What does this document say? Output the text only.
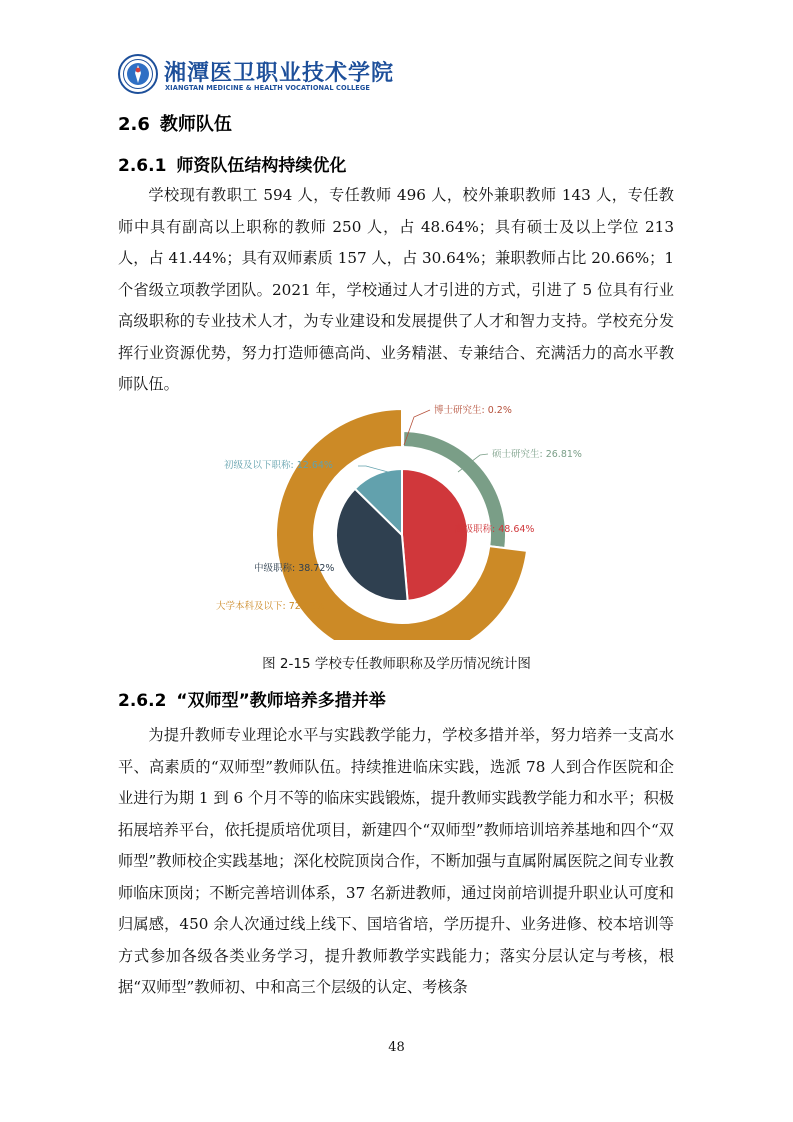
湘潭医卫职业技术学院
XIANGTAN MEDICINE & HEALTH VOCATIONAL COLLEGE
2.6 教师队伍
2.6.1 师资队伍结构持续优化

学校现有教职工 594 人，专任教师 496 人，校外兼职教师 143 人，专任教师中具有副高以上职称的教师 250 人，占 48.64%；具有硕士及以上学位 213 人，占 41.44%；具有双师素质 157 人，占 30.64%；兼职教师占比 20.66%；1 个省级立项教学团队。2021 年，学校通过人才引进的方式，引进了 5 位具有行业高级职称的专业技术人才，为专业建设和发展提供了人才和智力支持。学校充分发挥行业资源优势，努力打造师德高尚、业务精湛、专兼结合、充满活力的高水平教师队伍。

博士研究生: 0.2%
硕士研究生: 26.81%
大学本科及以下: 72.98%
高级职称: 48.64%
中级职称: 38.72%
初级及以下职称: 12.64%
图 2-15 学校专任教师职称及学历情况统计图
2.6.2 “双师型”教师培养多措并举

为提升教师专业理论水平与实践教学能力，学校多措并举，努力培养一支高水平、高素质的“双师型”教师队伍。持续推进临床实践，选派 78 人到合作医院和企业进行为期 1 到 6 个月不等的临床实践锻炼，提升教师实践教学能力和水平；积极拓展培养平台，依托提质培优项目，新建四个“双师型”教师培训培养基地和四个“双师型”教师校企实践基地；深化校院顶岗合作，不断加强与直属附属医院之间专业教师临床顶岗；不断完善培训体系，37 名新进教师，通过岗前培训提升职业认可度和归属感，450 余人次通过线上线下、国培省培，学历提升、业务进修、校本培训等方式参加各级各类业务学习，提升教师教学实践能力；落实分层认定与考核，根据“双师型”教师初、中和高三个层级的认定、考核条

48
